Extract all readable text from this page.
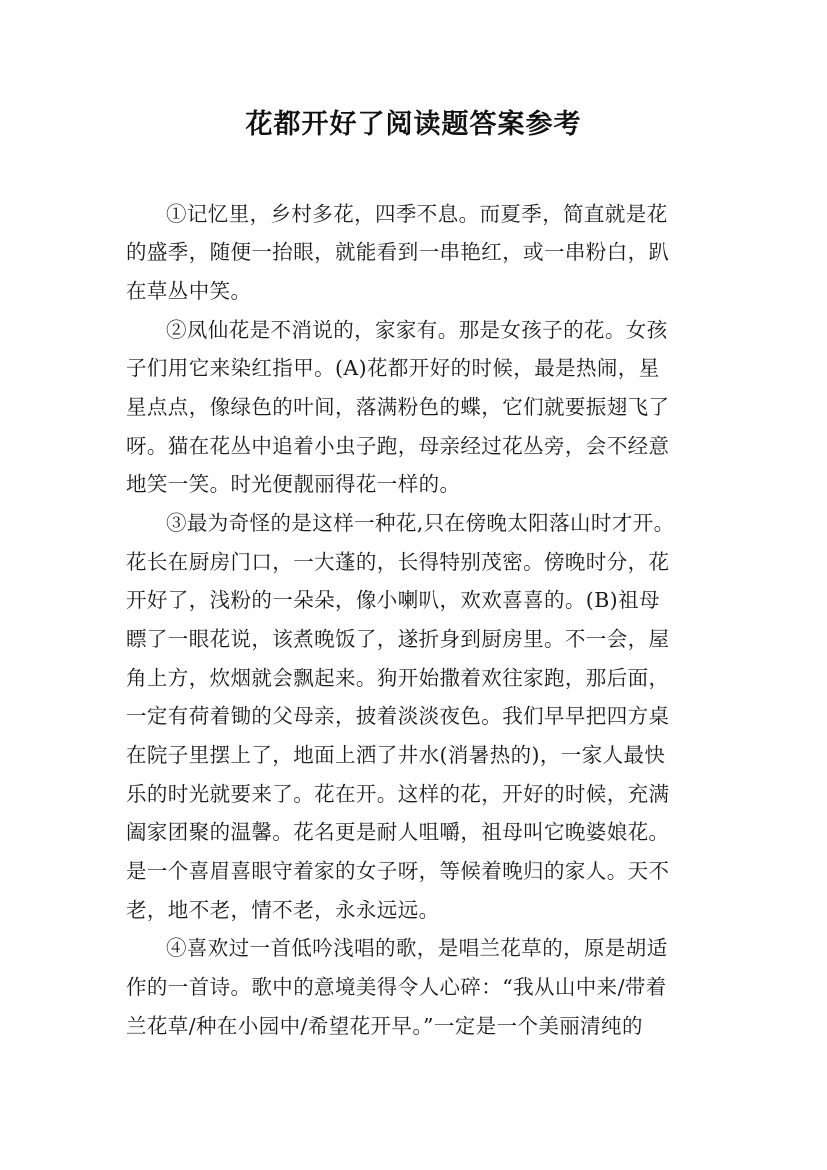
花都开好了阅读题答案参考
①记忆里，乡村多花，四季不息。而夏季，简直就是花
的盛季，随便一抬眼，就能看到一串艳红，或一串粉白，趴
在草丛中笑。
②凤仙花是不消说的，家家有。那是女孩子的花。女孩
子们用它来染红指甲。(A)花都开好的时候，最是热闹，星
星点点，像绿色的叶间，落满粉色的蝶，它们就要振翅飞了
呀。猫在花丛中追着小虫子跑，母亲经过花丛旁，会不经意
地笑一笑。时光便靓丽得花一样的。
③最为奇怪的是这样一种花,只在傍晚太阳落山时才开。
花长在厨房门口，一大蓬的，长得特别茂密。傍晚时分，花
开好了，浅粉的一朵朵，像小喇叭，欢欢喜喜的。(B)祖母
瞟了一眼花说，该煮晚饭了，遂折身到厨房里。不一会，屋
角上方，炊烟就会飘起来。狗开始撒着欢往家跑，那后面，
一定有荷着锄的父母亲，披着淡淡夜色。我们早早把四方桌
在院子里摆上了，地面上洒了井水(消暑热的)，一家人最快
乐的时光就要来了。花在开。这样的花，开好的时候，充满
阖家团聚的温馨。花名更是耐人咀嚼，祖母叫它晚婆娘花。
是一个喜眉喜眼守着家的女子呀，等候着晚归的家人。天不
老，地不老，情不老，永永远远。
④喜欢过一首低吟浅唱的歌，是唱兰花草的，原是胡适
作的一首诗。歌中的意境美得令人心碎：“我从山中来/带着
兰花草/种在小园中/希望花开早。”一定是一个美丽清纯的
